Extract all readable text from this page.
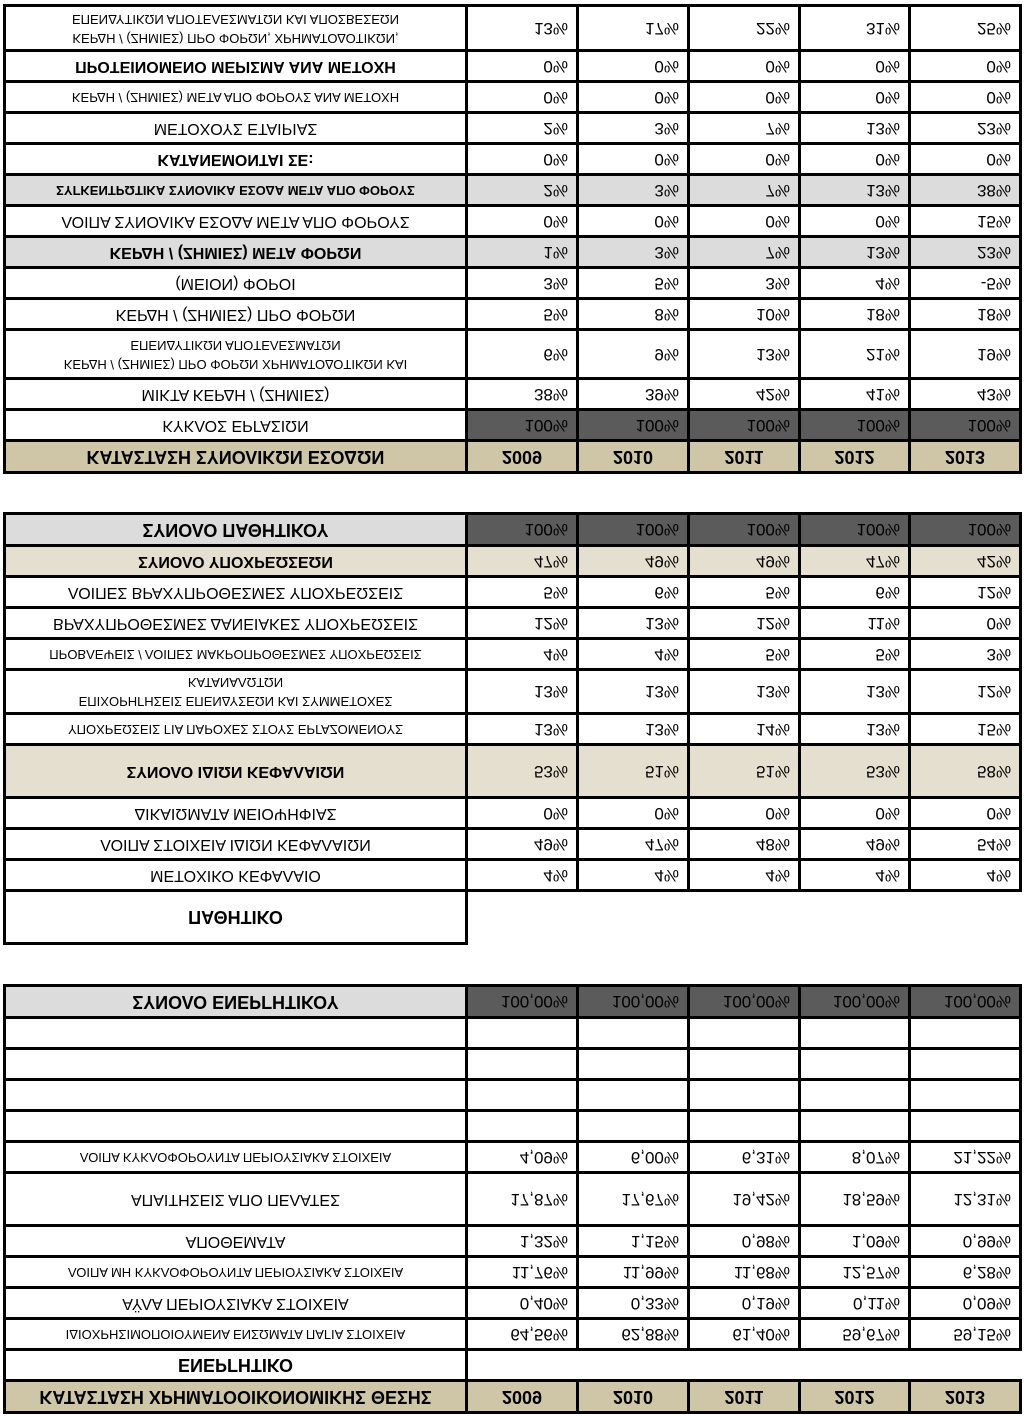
ΚΑΤΑΣΤΑΣΗ ΧΡΗΜΑΤΟΟΙΚΟΝΟΜΙΚΗΣ ΘΕΣΗΣ	2009	2010	2011	2012	2013
ΕΝΕΡΓΗΤΙΚΟ					
ΙΔΙΟΧΡΗΣΙΜΟΠΟΙΟΥΜΕΝΑ ΕΝΣΩΜΑΤΑ ΠΑΓΙΑ ΣΤΟΙΧΕΙΑ	64,56%	62,88%	61,40%	59,67%	59,15%
ΑΫΛΑ ΠΕΡΙΟΥΣΙΑΚΑ ΣΤΟΙΧΕΙΑ	0,40%	0,33%	0,19%	0,11%	0,09%
ΛΟΙΠΑ ΜΗ ΚΥΚΛΟΦΟΡΟΥΝΤΑ ΠΕΡΙΟΥΣΙΑΚΑ ΣΤΟΙΧΕΙΑ	11,76%	11,99%	11,68%	12,57%	6,28%
ΑΠΟΘΕΜΑΤΑ	1,32%	1,15%	0,98%	1,09%	0,99%
ΑΠΑΙΤΗΣΕΙΣ ΑΠΟ ΠΕΛΑΤΕΣ	17,87%	17,67%	19,42%	18,59%	12,31%
ΛΟΙΠΑ ΚΥΚΛΟΦΟΡΟΥΝΤΑ ΠΕΡΙΟΥΣΙΑΚΑ ΣΤΟΙΧΕΙΑ	4,09%	6,00%	6,31%	8,07%	21,22%

ΣΥΝΟΛΟ ΕΝΕΡΓΗΤΙΚΟΥ	100,00%	100,00%	100,00%	100,00%	100,00%
ΠΑΘΗΤΙΚΟ					
ΜΕΤΟΧΙΚΟ ΚΕΦΑΛΑΙΟ	4%	4%	4%	4%	4%
ΛΟΙΠΑ ΣΤΟΙΧΕΙΑ ΙΔΙΩΝ ΚΕΦΑΛΑΙΩΝ	49%	47%	48%	49%	54%
ΔΙΚΑΙΩΜΑΤΑ ΜΕΙΟΨΗΦΙΑΣ	0%	0%	0%	0%	0%
ΣΥΝΟΛΟ ΙΔΙΩΝ ΚΕΦΑΛΑΙΩΝ	53%	51%	51%	53%	58%
ΥΠΟΧΡΕΩΣΕΙΣ ΓΙΑ ΠΑΡΟΧΕΣ ΣΤΟΥΣ ΕΡΓΑΖΟΜΕΝΟΥΣ	13%	13%	14%	13%	15%

ΕΠΙΧΟΡΗΓΗΣΕΙΣ ΕΠΕΝΔΥΣΕΩΝ ΚΑΙ ΣΥΜΜΕΤΟΧΕΣ
ΚΑΤΑΝΑΛΩΤΩΝ	13%	13%	13%	13%	12%
ΠΡΟΒΛΕΨΕΙΣ / ΛΟΙΠΕΣ ΜΑΚΡΟΠΡΟΘΕΣΜΕΣ ΥΠΟΧΡΕΩΣΕΙΣ	4%	4%	5%	5%	3%
ΒΡΑΧΥΠΡΟΘΕΣΜΕΣ ΔΑΝΕΙΑΚΕΣ ΥΠΟΧΡΕΩΣΕΙΣ	12%	13%	12%	11%	0%
ΛΟΙΠΕΣ ΒΡΑΧΥΠΡΟΘΕΣΜΕΣ ΥΠΟΧΡΕΩΣΕΙΣ	5%	6%	5%	6%	12%
ΣΥΝΟΛΟ ΥΠΟΧΡΕΩΣΕΩΝ	47%	49%	49%	47%	42%
ΣΥΝΟΛΟ ΠΑΘΗΤΙΚΟΥ	100%	100%	100%	100%	100%
ΚΑΤΑΣΤΑΣΗ ΣΥΝΟΛΙΚΩΝ ΕΣΟΔΩΝ	2009	2010	2011	2012	2013
ΚΥΚΛΟΣ ΕΡΓΑΣΙΩΝ	100%	100%	100%	100%	100%
ΜΙΚΤΑ ΚΕΡΔΗ / (ΖΗΜΙΕΣ)	38%	39%	42%	41%	43%

ΚΕΡΔΗ / (ΖΗΜΙΕΣ) ΠΡΟ ΦΟΡΩΝ ΧΡΗΜΑΤΟΔΟΤΙΚΩΝ ΚΑΙ
ΕΠΕΝΔΥΤΙΚΩΝ ΑΠΟΤΕΛΕΣΜΑΤΩΝ	6%	9%	13%	21%	19%
ΚΕΡΔΗ / (ΖΗΜΙΕΣ) ΠΡΟ ΦΟΡΩΝ	5%	8%	10%	18%	18%
(ΜΕΙΟΝ) ΦΟΡΟΙ	3%	5%	3%	4%	-5%
ΚΕΡΔΗ / (ΖΗΜΙΕΣ) ΜΕΤΑ ΦΟΡΩΝ	1%	3%	7%	13%	23%
ΛΟΙΠΑ ΣΥΝΟΛΙΚΑ ΕΣΟΔΑ ΜΕΤΑ ΑΠΟ ΦΟΡΟΥΣ	0%	0%	0%	0%	15%
ΣΥΓΚΕΝΤΡΩΤΙΚΑ ΣΥΝΟΛΙΚΑ ΕΣΟΔΑ ΜΕΤΑ ΑΠΟ ΦΟΡΟΥΣ	2%	3%	7%	13%	38%
ΚΑΤΑΝΕΜΟΝΤΑΙ ΣΕ:	0%	0%	0%	0%	0%
ΜΕΤΟΧΟΥΣ ΕΤΑΙΡΙΑΣ	2%	3%	7%	13%	23%
ΚΕΡΔΗ / (ΖΗΜΙΕΣ) ΜΕΤΑ ΑΠΟ ΦΟΡΟΥΣ ΑΝΑ ΜΕΤΟΧΗ	0%	0%	0%	0%	0%
ΠΡΟΤΕΙΝΟΜΕΝΟ ΜΕΡΙΣΜΑ ΑΝΑ ΜΕΤΟΧΗ	0%	0%	0%	0%	0%

ΚΕΡΔΗ / (ΖΗΜΙΕΣ) ΠΡΟ ΦΟΡΩΝ, ΧΡΗΜΑΤΟΔΟΤΙΚΩΝ,
ΕΠΕΝΔΥΤΙΚΩΝ ΑΠΟΤΕΛΕΣΜΑΤΩΝ ΚΑΙ ΑΠΟΣΒΕΣΕΩΝ	13%	17%	22%	31%	25%
